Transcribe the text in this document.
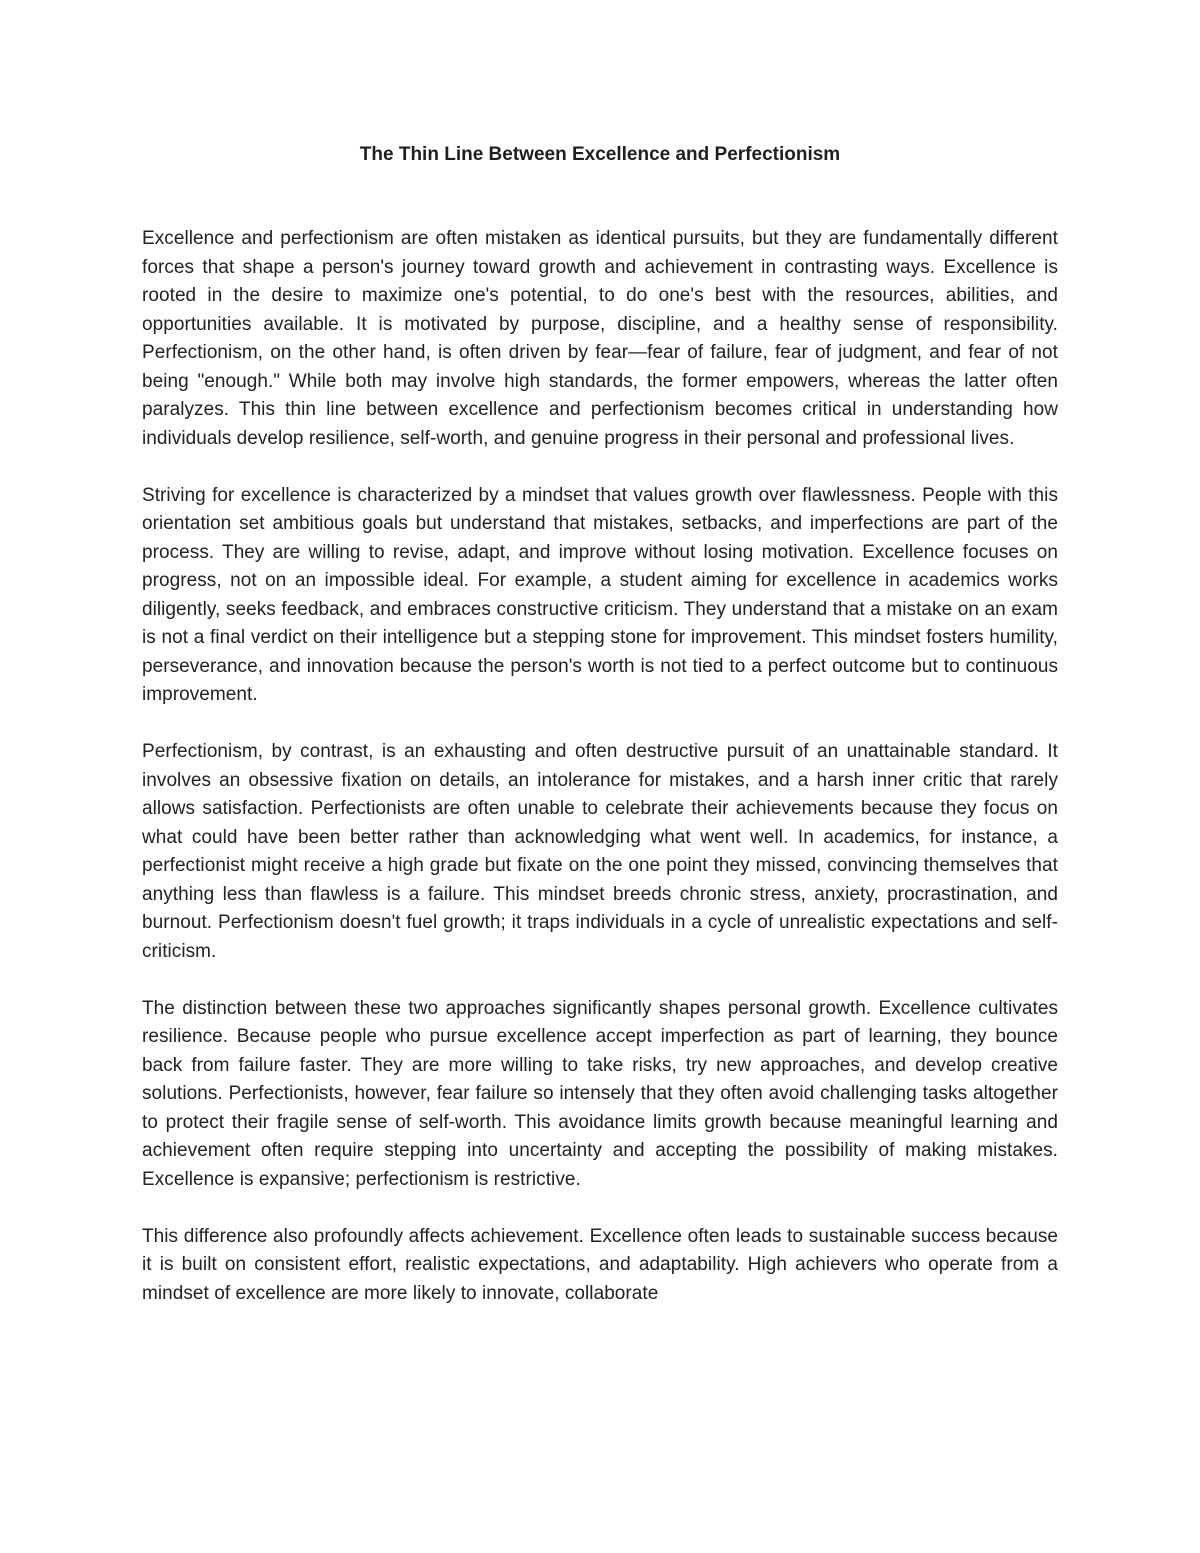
The Thin Line Between Excellence and Perfectionism

Excellence and perfectionism are often mistaken as identical pursuits, but they are fundamentally different forces that shape a person's journey toward growth and achievement in contrasting ways. Excellence is rooted in the desire to maximize one's potential, to do one's best with the resources, abilities, and opportunities available. It is motivated by purpose, discipline, and a healthy sense of responsibility. Perfectionism, on the other hand, is often driven by fear—fear of failure, fear of judgment, and fear of not being "enough." While both may involve high standards, the former empowers, whereas the latter often paralyzes. This thin line between excellence and perfectionism becomes critical in understanding how individuals develop resilience, self-worth, and genuine progress in their personal and professional lives.

Striving for excellence is characterized by a mindset that values growth over flawlessness. People with this orientation set ambitious goals but understand that mistakes, setbacks, and imperfections are part of the process. They are willing to revise, adapt, and improve without losing motivation. Excellence focuses on progress, not on an impossible ideal. For example, a student aiming for excellence in academics works diligently, seeks feedback, and embraces constructive criticism. They understand that a mistake on an exam is not a final verdict on their intelligence but a stepping stone for improvement. This mindset fosters humility, perseverance, and innovation because the person's worth is not tied to a perfect outcome but to continuous improvement.

Perfectionism, by contrast, is an exhausting and often destructive pursuit of an unattainable standard. It involves an obsessive fixation on details, an intolerance for mistakes, and a harsh inner critic that rarely allows satisfaction. Perfectionists are often unable to celebrate their achievements because they focus on what could have been better rather than acknowledging what went well. In academics, for instance, a perfectionist might receive a high grade but fixate on the one point they missed, convincing themselves that anything less than flawless is a failure. This mindset breeds chronic stress, anxiety, procrastination, and burnout. Perfectionism doesn't fuel growth; it traps individuals in a cycle of unrealistic expectations and self-criticism.

The distinction between these two approaches significantly shapes personal growth. Excellence cultivates resilience. Because people who pursue excellence accept imperfection as part of learning, they bounce back from failure faster. They are more willing to take risks, try new approaches, and develop creative solutions. Perfectionists, however, fear failure so intensely that they often avoid challenging tasks altogether to protect their fragile sense of self-worth. This avoidance limits growth because meaningful learning and achievement often require stepping into uncertainty and accepting the possibility of making mistakes. Excellence is expansive; perfectionism is restrictive.

This difference also profoundly affects achievement. Excellence often leads to sustainable success because it is built on consistent effort, realistic expectations, and adaptability. High achievers who operate from a mindset of excellence are more likely to innovate, collaborate
